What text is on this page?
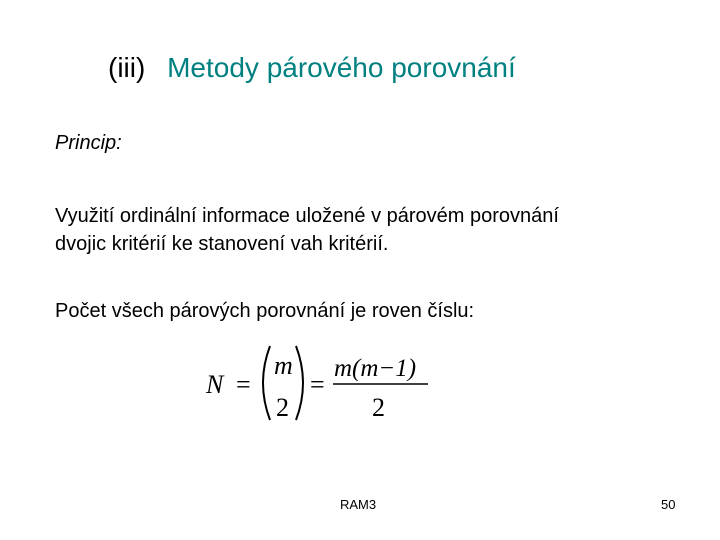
(iii) Metody párového porovnání
Princip:
Využití ordinální informace uložené v párovém porovnání
dvojic kritérií ke stanovení vah kritérií.
Počet všech párových porovnání je roven číslu:
N =
m
2
=
m(m−1)
2
RAM3	50
